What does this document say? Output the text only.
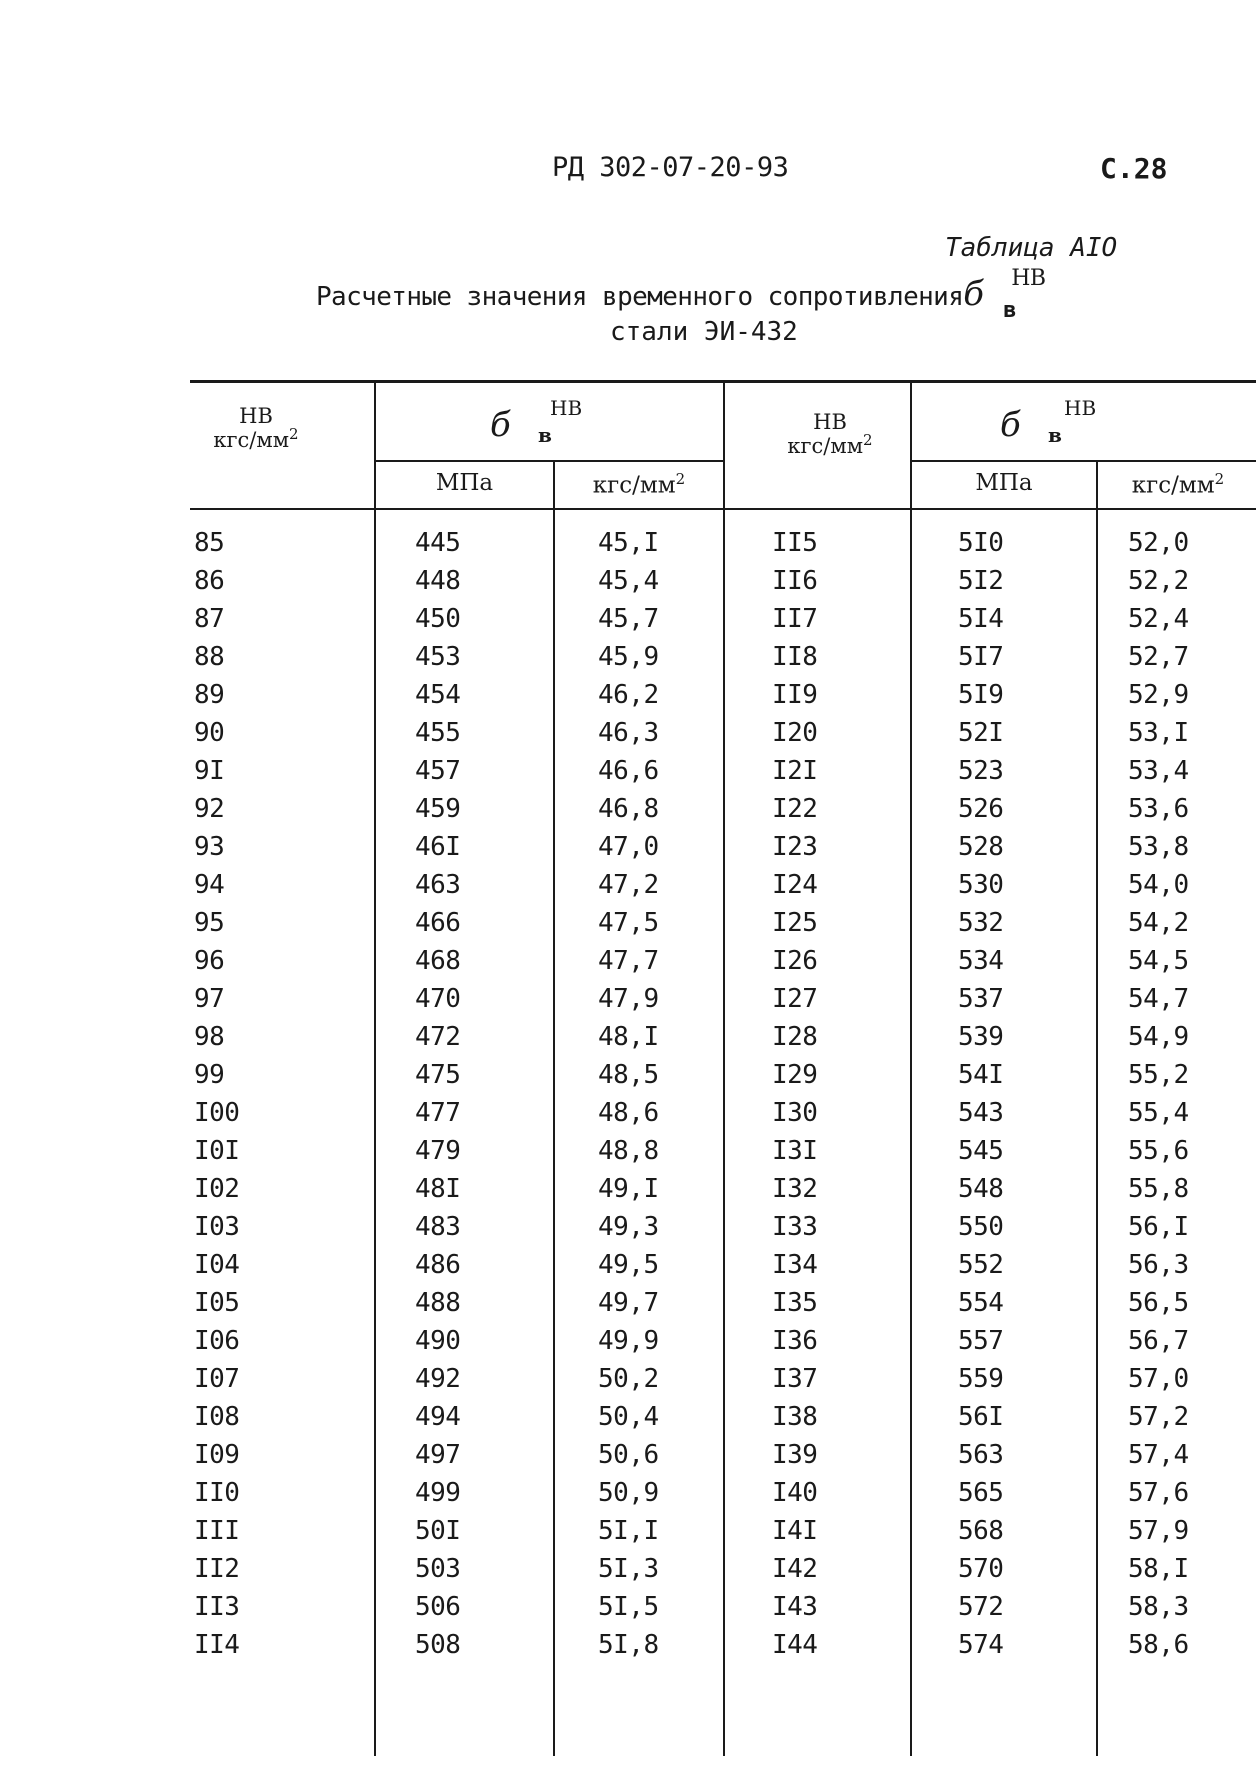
РД 302-07-20-93	С.28
Таблица AIO
Расчетные значения временного сопротивленияб в
НВ
стали ЭИ-432
НВ
кгс/$мм^2$	б в
НВ
МПа	кгс/$мм^2$
НВ
кгс/$мм^2$	б в
НВ
МПа	кгс/$мм^2$
85	445	45,I	II5	5I0	52,0
86	448	45,4	II6	5I2	52,2
87	450	45,7	II7	5I4	52,4
88	453	45,9	II8	5I7	52,7
89	454	46,2	II9	5I9	52,9
90	455	46,3	I20	52I	53,I
9I	457	46,6	I2I	523	53,4
92	459	46,8	I22	526	53,6
93	46I	47,0	I23	528	53,8
94	463	47,2	I24	530	54,0
95	466	47,5	I25	532	54,2
96	468	47,7	I26	534	54,5
97	470	47,9	I27	537	54,7
98	472	48,I	I28	539	54,9
99	475	48,5	I29	54I	55,2
I00	477	48,6	I30	543	55,4
I0I	479	48,8	I3I	545	55,6
I02	48I	49,I	I32	548	55,8
I03	483	49,3	I33	550	56,I
I04	486	49,5	I34	552	56,3
I05	488	49,7	I35	554	56,5
I06	490	49,9	I36	557	56,7
I07	492	50,2	I37	559	57,0
I08	494	50,4	I38	56I	57,2
I09	497	50,6	I39	563	57,4
II0	499	50,9	I40	565	57,6
III	50I	5I,I	I4I	568	57,9
II2	503	5I,3	I42	570	58,I
II3	506	5I,5	I43	572	58,3
II4	508	5I,8	I44	574	58,6
